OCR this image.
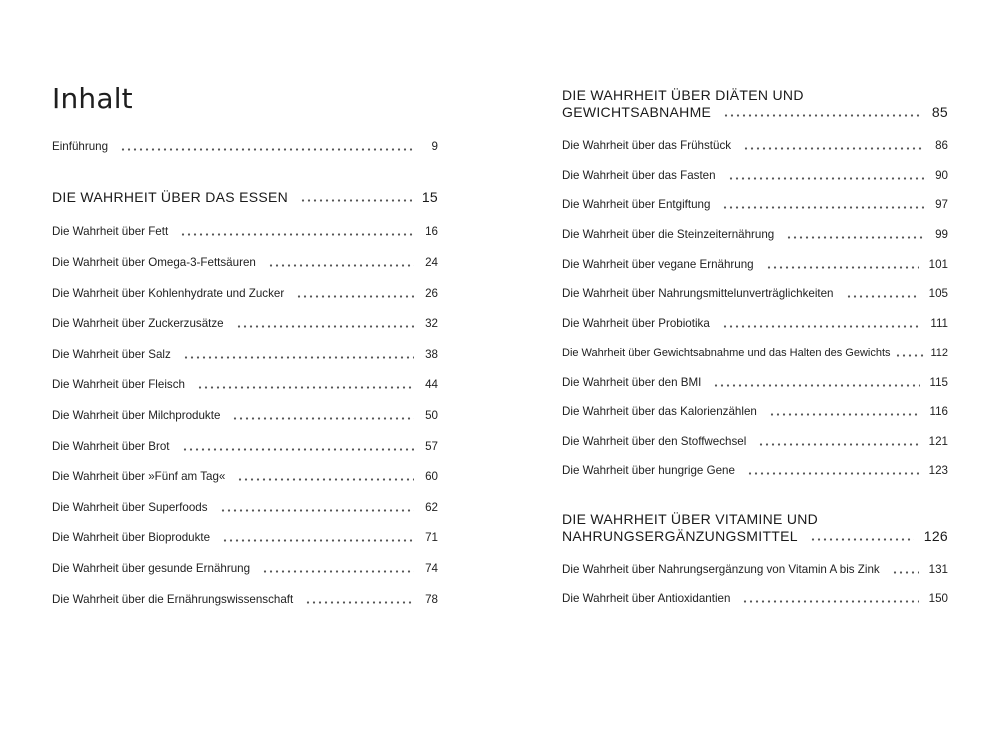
Inhalt
Einführung	9
DIE WAHRHEIT ÜBER DAS ESSEN	15
Die Wahrheit über Fett	16
Die Wahrheit über Omega-3-Fettsäuren	24
Die Wahrheit über Kohlenhydrate und Zucker	26
Die Wahrheit über Zuckerzusätze	32
Die Wahrheit über Salz	38
Die Wahrheit über Fleisch	44
Die Wahrheit über Milchprodukte	50
Die Wahrheit über Brot	57
Die Wahrheit über »Fünf am Tag«	60
Die Wahrheit über Superfoods	62
Die Wahrheit über Bioprodukte	71
Die Wahrheit über gesunde Ernährung	74
Die Wahrheit über die Ernährungswissenschaft	78
DIE WAHRHEIT ÜBER DIÄTEN UND
GEWICHTSABNAHME	85
Die Wahrheit über das Frühstück	86
Die Wahrheit über das Fasten	90
Die Wahrheit über Entgiftung	97
Die Wahrheit über die Steinzeiternährung	99
Die Wahrheit über vegane Ernährung	101
Die Wahrheit über Nahrungsmittelunverträglichkeiten	105
Die Wahrheit über Probiotika	111
Die Wahrheit über Gewichtsabnahme und das Halten des Gewichts	112
Die Wahrheit über den BMI	115
Die Wahrheit über das Kalorienzählen	116
Die Wahrheit über den Stoffwechsel	121
Die Wahrheit über hungrige Gene	123
DIE WAHRHEIT ÜBER VITAMINE UND
NAHRUNGSERGÄNZUNGSMITTEL	126
Die Wahrheit über Nahrungsergänzung von Vitamin A bis Zink	131
Die Wahrheit über Antioxidantien	150
